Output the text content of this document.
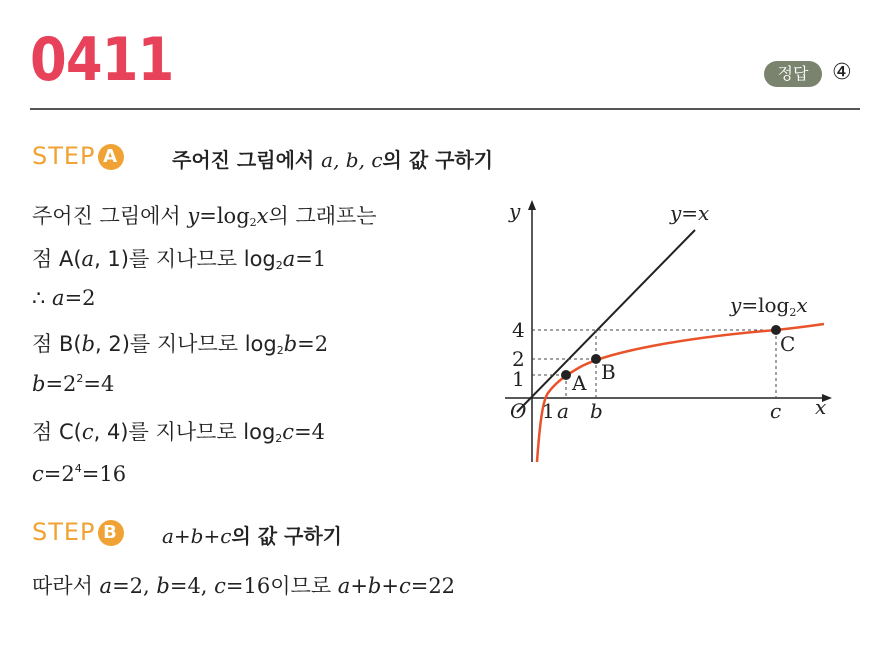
0411	정답	④
STEP A	주어진 그림에서 a, b, c의 값 구하기
주어진 그림에서 $y=\log_2x$의 그래프는
점 A(a, 1)를 지나므로 $\log_2a=1$
∴ a=2
점 B(b, 2)를 지나므로 $\log_2b=2$
$b=2^2=4$
점 C(c, 4)를 지나므로 $\log_2c=4$
$c=2^4=16$
STEP B a+b+c의 값 구하기
따라서 a=2, b=4, c=16이므로 a+b+c=22
y
x
O
y=x
$y=\log_2x$
4
2
1
1 a b	c
A B
C
